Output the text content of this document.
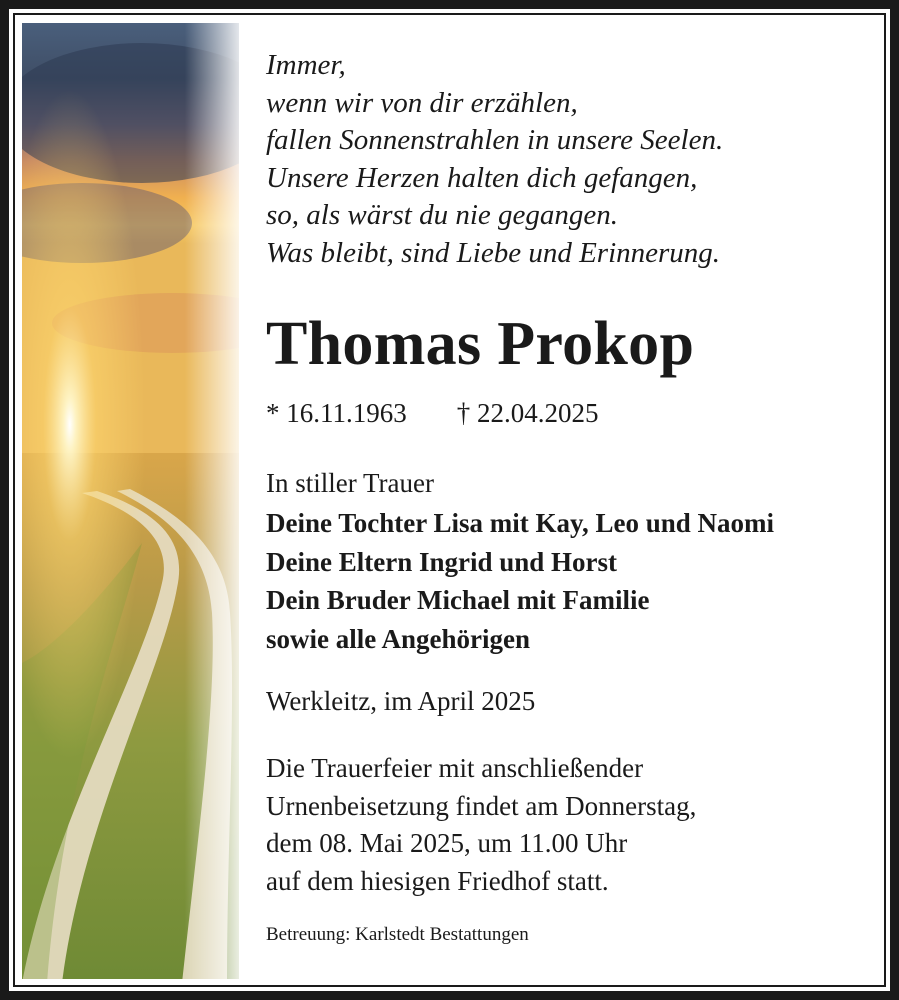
Immer,
wenn wir von dir erzählen,
fallen Sonnenstrahlen in unsere Seelen.
Unsere Herzen halten dich gefangen,
so, als wärst du nie gegangen.
Was bleibt, sind Liebe und Erinnerung.
Thomas Prokop
* 16.11.1963 † 22.04.2025
In stiller Trauer
Deine Tochter Lisa mit Kay, Leo und Naomi
Deine Eltern Ingrid und Horst
Dein Bruder Michael mit Familie
sowie alle Angehörigen
Werkleitz, im April 2025
Die Trauerfeier mit anschließender
Urnenbeisetzung findet am Donnerstag,
dem 08. Mai 2025, um 11.00 Uhr
auf dem hiesigen Friedhof statt.
Betreuung: Karlstedt Bestattungen
